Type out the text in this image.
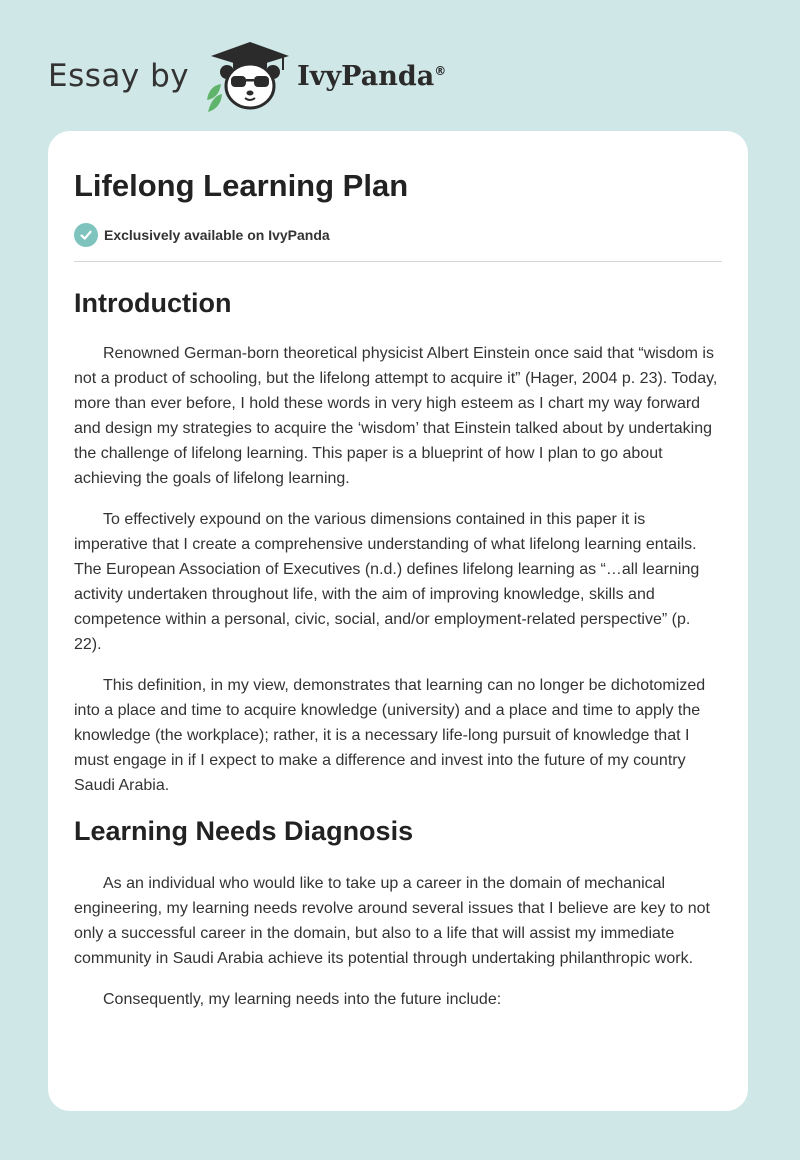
Essay by	IvyPanda®
Lifelong Learning Plan
Exclusively available on IvyPanda
Introduction

Renowned German-born theoretical physicist Albert Einstein once said that “wisdom is not a product of schooling, but the lifelong attempt to acquire it” (Hager, 2004 p. 23). Today, more than ever before, I hold these words in very high esteem as I chart my way forward and design my strategies to acquire the ‘wisdom’ that Einstein talked about by undertaking the challenge of lifelong learning. This paper is a blueprint of how I plan to go about achieving the goals of lifelong learning.

To effectively expound on the various dimensions contained in this paper it is imperative that I create a comprehensive understanding of what lifelong learning entails. The European Association of Executives (n.d.) defines lifelong learning as “…all learning activity undertaken throughout life, with the aim of improving knowledge, skills and competence within a personal, civic, social, and/or employment-related perspective” (p. 22).

This definition, in my view, demonstrates that learning can no longer be dichotomized into a place and time to acquire knowledge (university) and a place and time to apply the knowledge (the workplace); rather, it is a necessary life-long pursuit of knowledge that I must engage in if I expect to make a difference and invest into the future of my country Saudi Arabia.

Learning Needs Diagnosis

As an individual who would like to take up a career in the domain of mechanical engineering, my learning needs revolve around several issues that I believe are key to not only a successful career in the domain, but also to a life that will assist my immediate community in Saudi Arabia achieve its potential through undertaking philanthropic work.

Consequently, my learning needs into the future include:
